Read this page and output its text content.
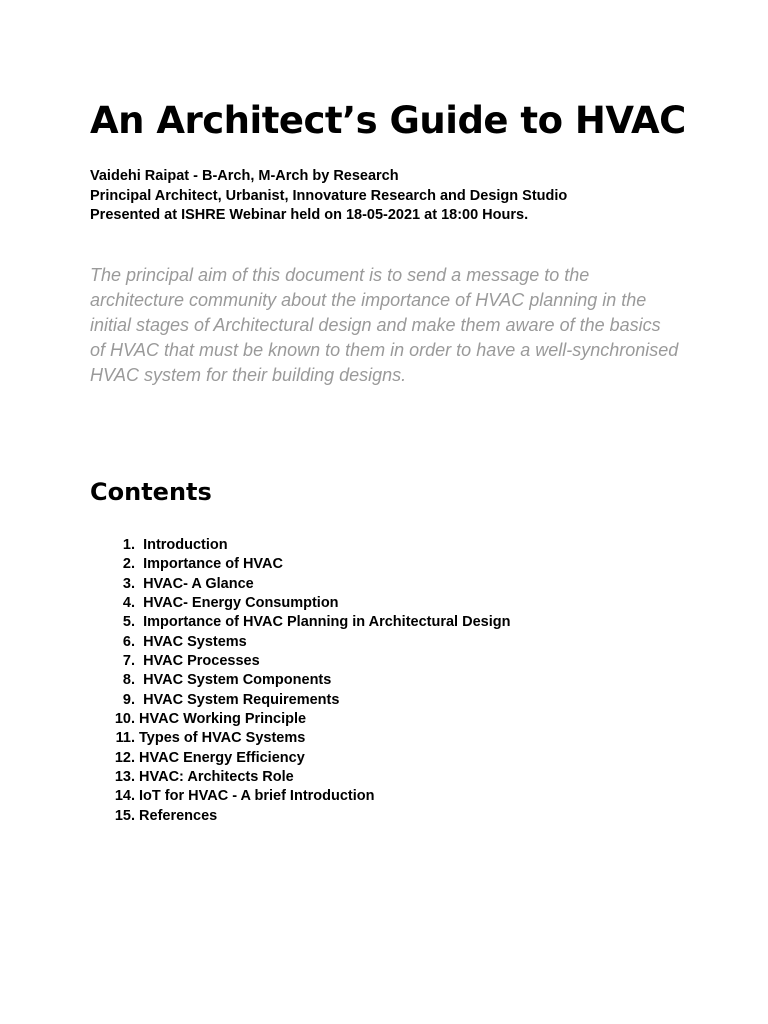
An Architect’s Guide to HVAC
Vaidehi Raipat - B-Arch, M-Arch by Research
Principal Architect, Urbanist, Innovature Research and Design Studio
Presented at ISHRE Webinar held on 18-05-2021 at 18:00 Hours.

The principal aim of this document is to send a message to the architecture community about the importance of HVAC planning in the initial stages of Architectural design and make them aware of the basics of HVAC that must be known to them in order to have a well-synchronised HVAC system for their building designs.

Contents
1.
Introduction
2.
Importance of HVAC
3.
HVAC- A Glance
4.
HVAC- Energy Consumption
5.
Importance of HVAC Planning in Architectural Design
6.
HVAC Systems
7.
HVAC Processes
8.
HVAC System Components
9.
HVAC System Requirements
10.
HVAC Working Principle
11.
Types of HVAC Systems
12.
HVAC Energy Efficiency
13.
HVAC: Architects Role
14.
IoT for HVAC - A brief Introduction
15.
References
